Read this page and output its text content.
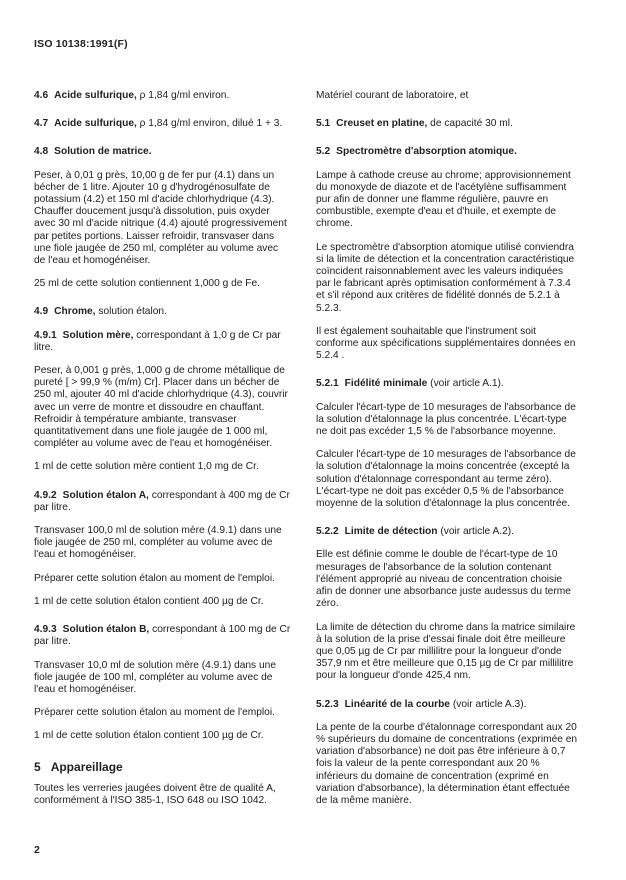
ISO 10138:1991(F)

4.6 Acide sulfurique, ρ 1,84 g/ml environ.

4.7 Acide sulfurique, ρ 1,84 g/ml environ, dilué 1 + 3.

4.8 Solution de matrice.

Peser, à 0,01 g près, 10,00 g de fer pur (4.1) dans un bécher de 1 litre. Ajouter 10 g d'hydrogénosulfate de potassium (4.2) et 150 ml d'acide chlorhydrique (4.3). Chauffer doucement jusqu'à dissolution, puis oxyder avec 30 ml d'acide nitrique (4.4) ajouté progressivement par petites portions. Laisser refroidir, transvaser dans une fiole jaugée de 250 ml, compléter au volume avec de l'eau et homogénéiser.

25 ml de cette solution contiennent 1,000 g de Fe.

4.9 Chrome, solution étalon.

4.9.1 Solution mère, correspondant à 1,0 g de Cr par litre.

Peser, à 0,001 g près, 1,000 g de chrome métallique de pureté [ > 99,9 % (m/m) Cr]. Placer dans un bécher de 250 ml, ajouter 40 ml d'acide chlorhydrique (4.3), couvrir avec un verre de montre et dissoudre en chauffant. Refroidir à température ambiante, transvaser quantitativement dans une fiole jaugée de 1 000 ml, compléter au volume avec de l'eau et homogénéiser.

1 ml de cette solution mère contient 1,0 mg de Cr.

4.9.2 Solution étalon A, correspondant à 400 mg de Cr par litre.

Transvaser 100,0 ml de solution mère (4.9.1) dans une fiole jaugée de 250 ml, compléter au volume avec de l'eau et homogénéiser.

Préparer cette solution étalon au moment de l'emploi.

1 ml de cette solution étalon contient 400 µg de Cr.

4.9.3 Solution étalon B, correspondant à 100 mg de Cr par litre.

Transvaser 10,0 ml de solution mère (4.9.1) dans une fiole jaugée de 100 ml, compléter au volume avec de l'eau et homogénéiser.

Préparer cette solution étalon au moment de l'emploi.

1 ml de cette solution étalon contient 100 µg de Cr.

5 Appareillage

Toutes les verreries jaugées doivent être de qualité A, conformément à l'ISO 385-1, ISO 648 ou ISO 1042.

Matériel courant de laboratoire, et

5.1 Creuset en platine, de capacité 30 ml.

5.2 Spectromètre d'absorption atomique.

Lampe à cathode creuse au chrome; approvisionnement du monoxyde de diazote et de l'acétylène suffisamment pur afin de donner une flamme régulière, pauvre en combustible, exempte d'eau et d'huile, et exempte de chrome.

Le spectromètre d'absorption atomique utilisé conviendra si la limite de détection et la concentration caractéristique coïncident raisonnablement avec les valeurs indiquées par le fabricant après optimisation conformément à 7.3.4 et s'il répond aux critères de fidélité donnés de 5.2.1 à 5.2.3.

Il est également souhaitable que l'instrument soit conforme aux spécifications supplémentaires données en 5.2.4 .

5.2.1 Fidélité minimale (voir article A.1).

Calculer l'écart-type de 10 mesurages de l'absorbance de la solution d'étalonnage la plus concentrée. L'écart-type ne doit pas excéder 1,5 % de l'absorbance moyenne.

Calculer l'écart-type de 10 mesurages de l'absorbance de la solution d'étalonnage la moins concentrée (excepté la solution d'étalonnage correspondant au terme zéro). L'écart-type ne doit pas excéder 0,5 % de l'absorbance moyenne de la solution d'étalonnage la plus concentrée.

5.2.2 Limite de détection (voir article A.2).

Elle est définie comme le double de l'écart-type de 10 mesurages de l'absorbance de la solution contenant l'élément approprié au niveau de concentration choisie afin de donner une absorbance juste audessus du terme zéro.

La limite de détection du chrome dans la matrice similaire à la solution de la prise d'essai finale doit être meilleure que 0,05 µg de Cr par millilitre pour la longueur d'onde 357,9 nm et être meilleure que 0,15 µg de Cr par millilitre pour la longueur d'onde 425,4 nm.

5.2.3 Linéarité de la courbe (voir article A.3).

La pente de la courbe d'étalonnage correspondant aux 20 % supérieurs du domaine de concentrations (exprimée en variation d'absorbance) ne doit pas être inférieure à 0,7 fois la valeur de la pente correspondant aux 20 % inférieurs du domaine de concentration (exprimé en variation d'absorbance), la détermination étant effectuée de la même manière.

2
